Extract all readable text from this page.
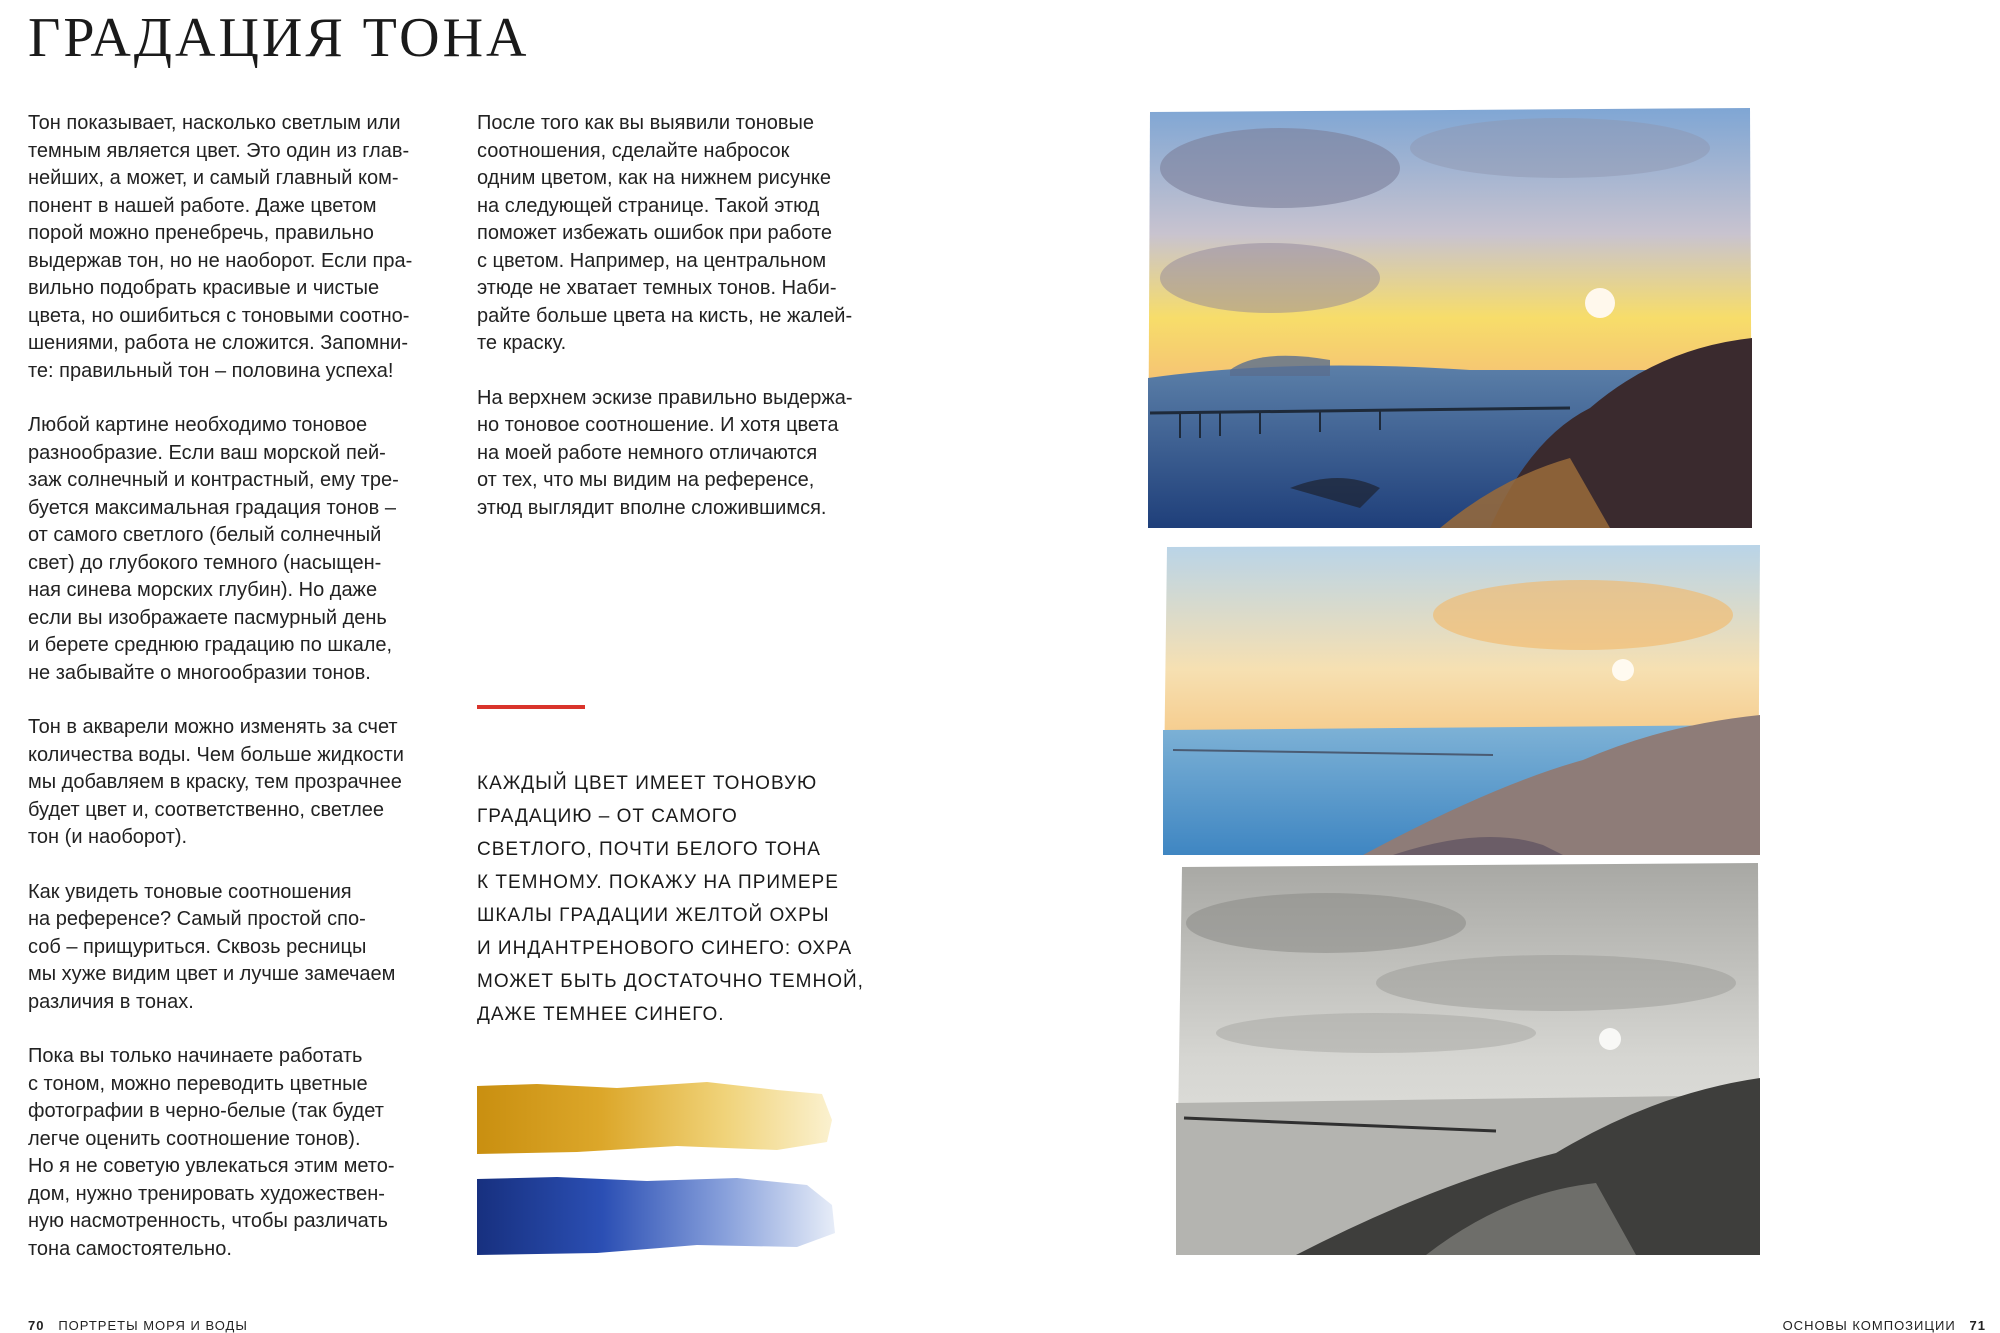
ГРАДАЦИЯ ТОНА

Тон показывает, насколько светлым или
темным является цвет. Это один из глав-
нейших, а может, и самый главный ком-
понент в нашей работе. Даже цветом
порой можно пренебречь, правильно
выдержав тон, но не наоборот. Если пра-
вильно подобрать красивые и чистые
цвета, но ошибиться с тоновыми соотно-
шениями, работа не сложится. Запомни-
те: правильный тон – половина успеха!

Любой картине необходимо тоновое
разнообразие. Если ваш морской пей-
заж солнечный и контрастный, ему тре-
буется максимальная градация тонов –
от самого светлого (белый солнечный
свет) до глубокого темного (насыщен-
ная синева морских глубин). Но даже
если вы изображаете пасмурный день
и берете среднюю градацию по шкале,
не забывайте о многообразии тонов.

Тон в акварели можно изменять за счет
количества воды. Чем больше жидкости
мы добавляем в краску, тем прозрачнее
будет цвет и, соответственно, светлее
тон (и наоборот).

Как увидеть тоновые соотношения
на референсе? Самый простой спо-
соб – прищуриться. Сквозь ресницы
мы хуже видим цвет и лучше замечаем
различия в тонах.

Пока вы только начинаете работать
с тоном, можно переводить цветные
фотографии в черно-белые (так будет
легче оценить соотношение тонов).
Но я не советую увлекаться этим мето-
дом, нужно тренировать художествен-
ную насмотренность, чтобы различать
тона самостоятельно.

После того как вы выявили тоновые
соотношения, сделайте набросок
одним цветом, как на нижнем рисунке
на следующей странице. Такой этюд
поможет избежать ошибок при работе
с цветом. Например, на центральном
этюде не хватает темных тонов. Наби-
райте больше цвета на кисть, не жалей-
те краску.

На верхнем эскизе правильно выдержа-
но тоновое соотношение. И хотя цвета
на моей работе немного отличаются
от тех, что мы видим на референсе,
этюд выглядит вполне сложившимся.

КАЖДЫЙ ЦВЕТ ИМЕЕТ ТОНОВУЮ
ГРАДАЦИЮ – ОТ САМОГО
СВЕТЛОГО, ПОЧТИ БЕЛОГО ТОНА
К ТЕМНОМУ. ПОКАЖУ НА ПРИМЕРЕ
ШКАЛЫ ГРАДАЦИИ ЖЕЛТОЙ ОХРЫ
И ИНДАНТРЕНОВОГО СИНЕГО: ОХРА
МОЖЕТ БЫТЬ ДОСТАТОЧНО ТЕМНОЙ,
ДАЖЕ ТЕМНЕЕ СИНЕГО.

70 ПОРТРЕТЫ МОРЯ И ВОДЫ	ОСНОВЫ КОМПОЗИЦИИ 71
